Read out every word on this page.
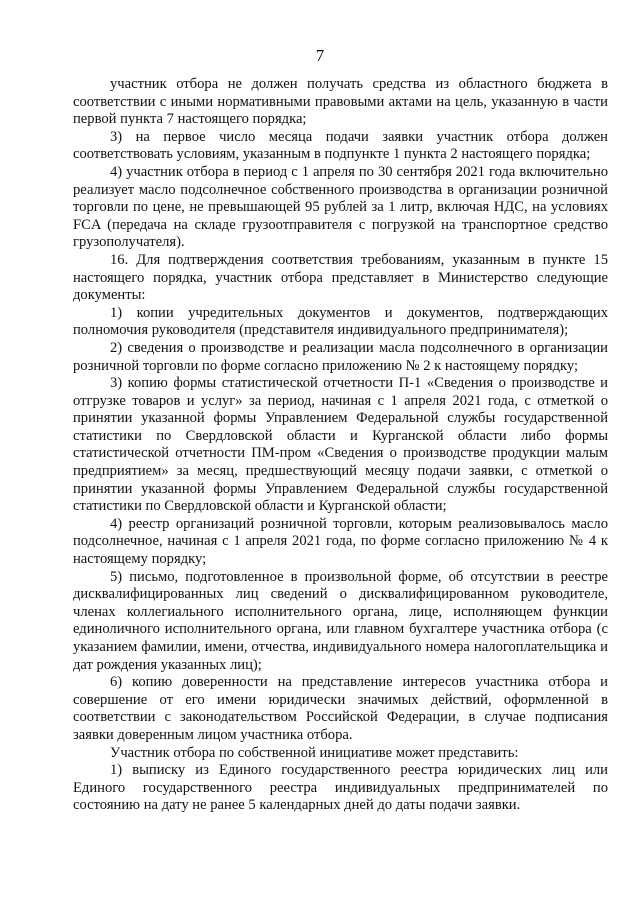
7

участник отбора не должен получать средства из областного бюджета в соответствии с иными нормативными правовыми актами на цель, указанную в части первой пункта 7 настоящего порядка;

3) на первое число месяца подачи заявки участник отбора должен соответствовать условиям, указанным в подпункте 1 пункта 2 настоящего порядка;

4) участник отбора в период с 1 апреля по 30 сентября 2021 года включительно реализует масло подсолнечное собственного производства в организации розничной торговли по цене, не превышающей 95 рублей за 1 литр, включая НДС, на условиях FCA (передача на складе грузоотправителя с погрузкой на транспортное средство грузополучателя).

16. Для подтверждения соответствия требованиям, указанным в пункте 15 настоящего порядка, участник отбора представляет в Министерство следующие документы:

1) копии учредительных документов и документов, подтверждающих полномочия руководителя (представителя индивидуального предпринимателя);

2) сведения о производстве и реализации масла подсолнечного в организации розничной торговли по форме согласно приложению № 2 к настоящему порядку;

3) копию формы статистической отчетности П-1 «Сведения о производстве и отгрузке товаров и услуг» за период, начиная с 1 апреля 2021 года, с отметкой о принятии указанной формы Управлением Федеральной службы государственной статистики по Свердловской области и Курганской области либо формы статистической отчетности ПМ-пром «Сведения о производстве продукции малым предприятием» за месяц, предшествующий месяцу подачи заявки, с отметкой о принятии указанной формы Управлением Федеральной службы государственной статистики по Свердловской области и Курганской области;

4) реестр организаций розничной торговли, которым реализовывалось масло подсолнечное, начиная с 1 апреля 2021 года, по форме согласно приложению № 4 к настоящему порядку;

5) письмо, подготовленное в произвольной форме, об отсутствии в реестре дисквалифицированных лиц сведений о дисквалифицированном руководителе, членах коллегиального исполнительного органа, лице, исполняющем функции единоличного исполнительного органа, или главном бухгалтере участника отбора (с указанием фамилии, имени, отчества, индивидуального номера налогоплательщика и дат рождения указанных лиц);

6) копию доверенности на представление интересов участника отбора и совершение от его имени юридически значимых действий, оформленной в соответствии с законодательством Российской Федерации, в случае подписания заявки доверенным лицом участника отбора.

Участник отбора по собственной инициативе может представить:

1) выписку из Единого государственного реестра юридических лиц или Единого государственного реестра индивидуальных предпринимателей по состоянию на дату не ранее 5 календарных дней до даты подачи заявки.
